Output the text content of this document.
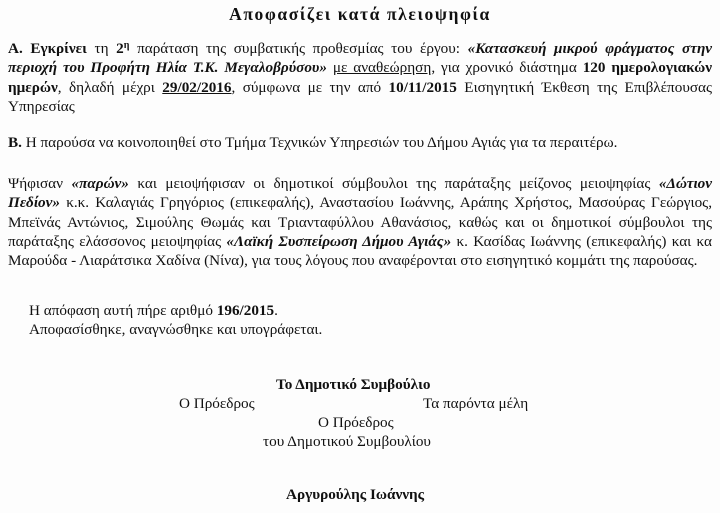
Αποφασίζει κατά πλειοψηφία
Α. Εγκρίνει τη $2^\eta$ παράταση της συμβατικής προθεσμίας του έργου: «Κατασκευή μικρού φράγματος στην περιοχή του Προφήτη Ηλία Τ.Κ. Μεγαλοβρύσου» με αναθεώρηση, για χρονικό διάστημα 120 ημερολογιακών ημερών, δηλαδή μέχρι 29/02/2016, σύμφωνα με την από 10/11/2015 Εισηγητική Έκθεση της Επιβλέπουσας Υπηρεσίας
Β. Η παρούσα να κοινοποιηθεί στο Τμήμα Τεχνικών Υπηρεσιών του Δήμου Αγιάς για τα περαιτέρω.
Ψήφισαν «παρών» και μειοψήφισαν οι δημοτικοί σύμβουλοι της παράταξης μείζονος μειοψηφίας «Δώτιον Πεδίον» κ.κ. Καλαγιάς Γρηγόριος (επικεφαλής), Αναστασίου Ιωάννης, Αράπης Χρήστος, Μασούρας Γεώργιος, Μπεϊνάς Αντώνιος, Σιμούλης Θωμάς και Τριανταφύλλου Αθανάσιος, καθώς και οι δημοτικοί σύμβουλοι της παράταξης ελάσσονος μειοψηφίας «Λαϊκή Συσπείρωση Δήμου Αγιάς» κ. Κασίδας Ιωάννης (επικεφαλής) και κα Μαρούδα - Λιαράτσικα Χαδίνα (Νίνα), για τους λόγους που αναφέρονται στο εισηγητικό κομμάτι της παρούσας.
Η απόφαση αυτή πήρε αριθμό 196/2015.
Αποφασίσθηκε, αναγνώσθηκε και υπογράφεται.
Το Δημοτικό Συμβούλιο
Ο Πρόεδρος	Τα παρόντα μέλη
Ο Πρόεδρος
του Δημοτικού Συμβουλίου
Αργυρούλης Ιωάννης
